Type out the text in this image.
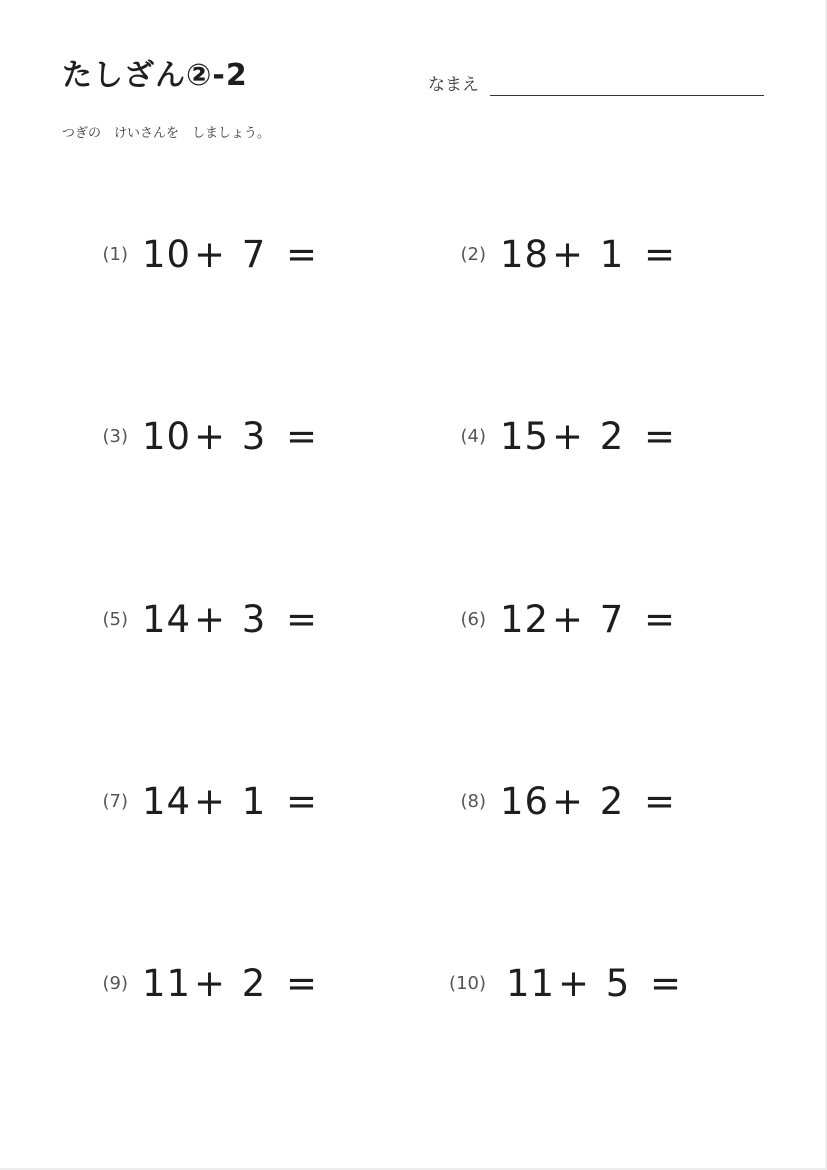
たしざん②-2	なまえ
つぎの　けいさんを　しましょう。
(1) 10+ 7 =	(2) 18+ 1 =
(3) 10+ 3 =	(4) 15+ 2 =
(5) 14+ 3 =	(6) 12+ 7 =
(7) 14+ 1 =	(8) 16+ 2 =
(9) 11+ 2 =	(10) 11+ 5 =
